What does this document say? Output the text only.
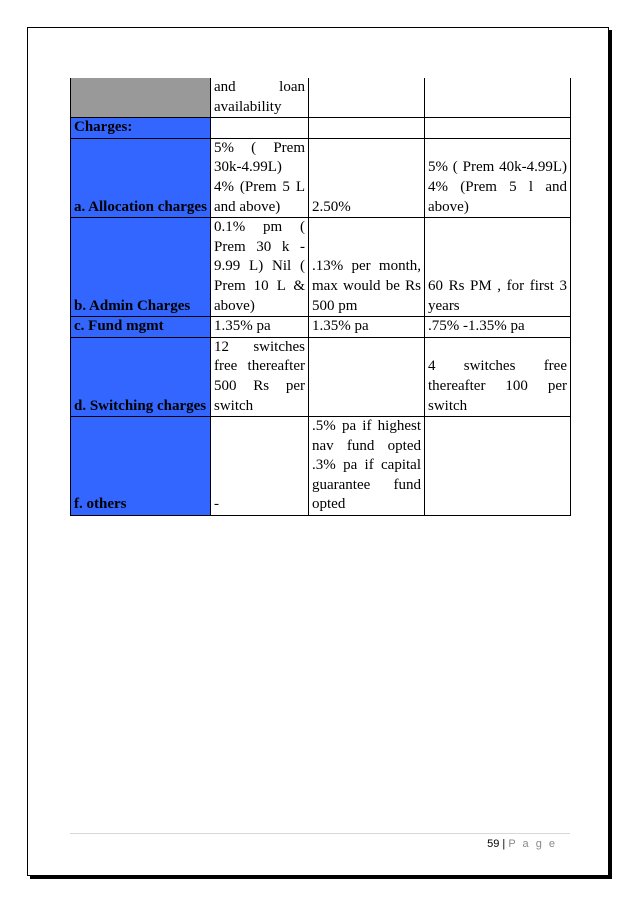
	and loan availability		
Charges:			
a. Allocation charges	5% ( Prem 30k-4.99L) 4% (Prem 5 L and above)	2.50%	5% ( Prem 40k-4.99L) 4% (Prem 5 l and above)
b. Admin Charges	0.1% pm ( Prem 30 k - 9.99 L) Nil ( Prem 10 L & above)	.13% per month, max would be Rs 500 pm	60 Rs PM , for first 3 years
c. Fund mgmt	1.35% pa	1.35% pa	.75% -1.35% pa
d. Switching charges	12 switches free thereafter 500 Rs per switch		4 switches free thereafter 100 per switch
f. others	-	.5% pa if highest nav fund opted .3% pa if capital guarantee fund opted	
59 | P a g e
